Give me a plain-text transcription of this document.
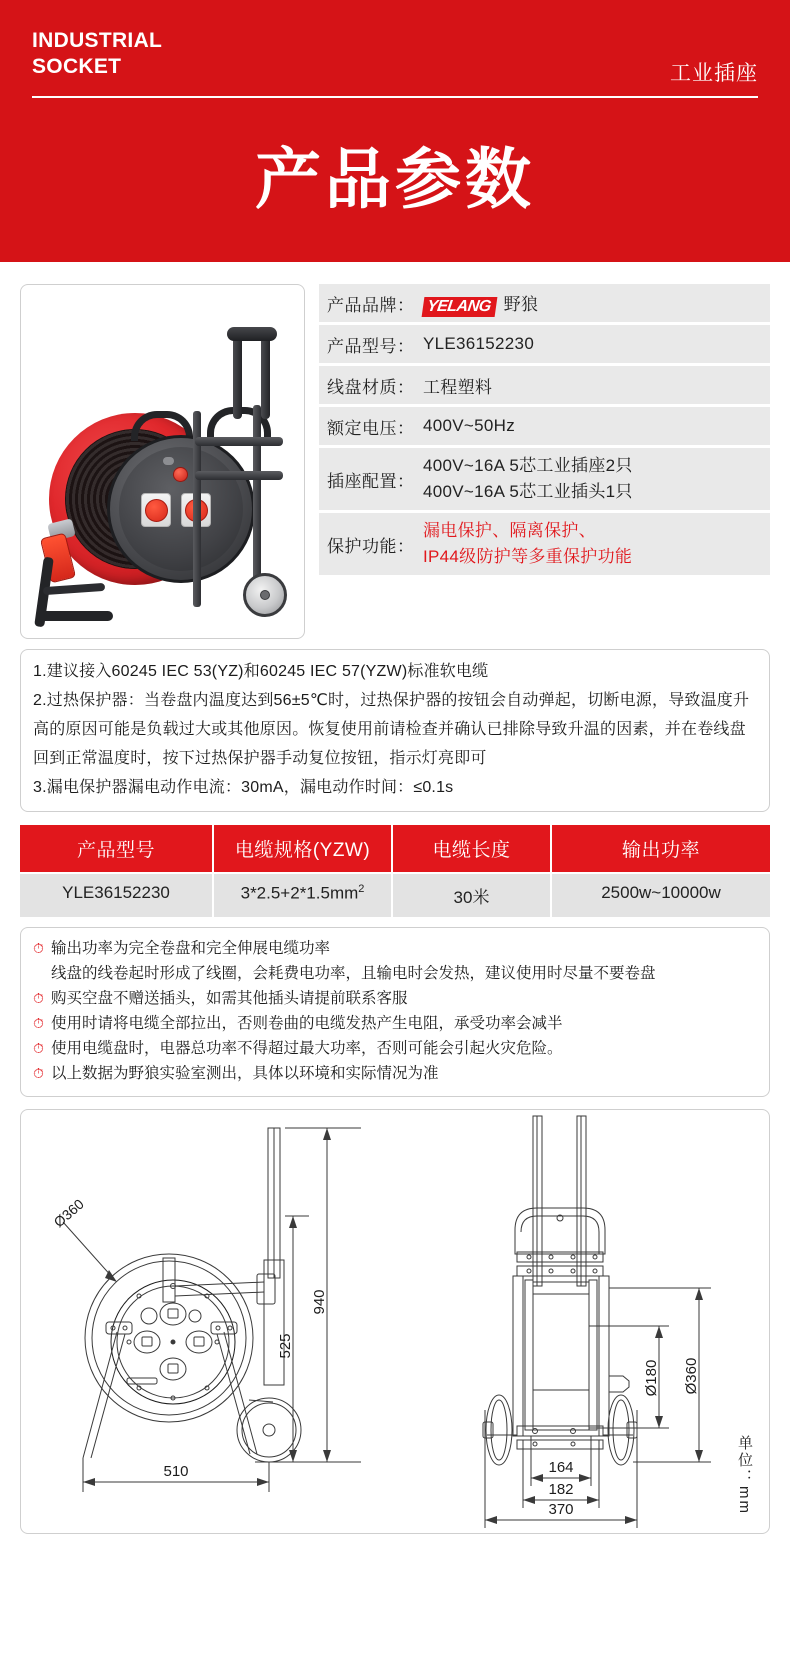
INDUSTRIAL
SOCKET	工业插座
产品参数
产品品牌： YELANG 野狼
产品型号： YLE36152230
线盘材质： 工程塑料
额定电压： 400V~50Hz
插座配置：
400V~16A 5芯工业插座2只
400V~16A 5芯工业插头1只
保护功能：
漏电保护、隔离保护、
IP44级防护等多重保护功能

1.建议接入60245 IEC 53(YZ)和60245 IEC 57(YZW)标准软电缆

2.过热保护器：当卷盘内温度达到56±5℃时，过热保护器的按钮会自动弹起，切断电源，导致温度升高的原因可能是负载过大或其他原因。恢复使用前请检查并确认已排除导致升温的因素，并在卷线盘回到正常温度时，按下过热保护器手动复位按钮，指示灯亮即可

3.漏电保护器漏电动作电流：30mA，漏电动作时间：≤0.1s

产品型号	电缆规格(YZW)	电缆长度	输出功率
YLE36152230	$3*2.5+2*1.5mm^2$	30米	2500w~10000w
⏱ 输出功率为完全卷盘和完全伸展电缆功率
线盘的线卷起时形成了线圈，会耗费电功率，且输电时会发热，建议使用时尽量不要卷盘
⏱ 购买空盘不赠送插头，如需其他插头请提前联系客服
⏱ 使用时请将电缆全部拉出，否则卷曲的电缆发热产生电阻，承受功率会减半
⏱ 使用电缆盘时，电器总功率不得超过最大功率，否则可能会引起火灾危险。
⏱ 以上数据为野狼实验室测出，具体以环境和实际情况为准
Ø360
940
525
510
Ø360
Ø180
164
182
370	单位：mm
